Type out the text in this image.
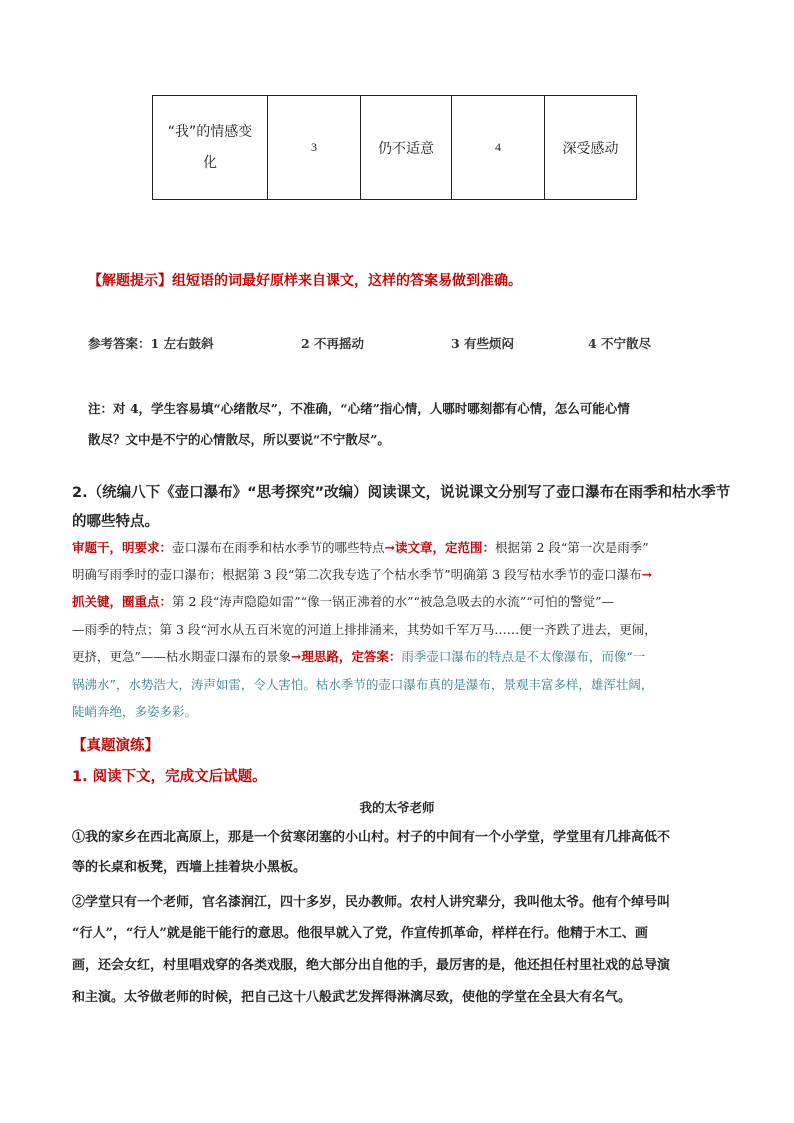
“我”的情感变
化
	3	仍不适意	4	深受感动
【解题提示】组短语的词最好原样来自课文，这样的答案易做到准确。
参考答案：1 左右鼓斜	2 不再摇动	3 有些烦闷	4 不宁散尽
注：对 4，学生容易填“心绪散尽”，不准确，“心绪”指心情，人哪时哪刻都有心情，怎么可能心情
散尽？文中是不宁的心情散尽，所以要说“不宁散尽”。
2.（统编八下《壶口瀑布》“思考探究”改编）阅读课文，说说课文分别写了壶口瀑布在雨季和枯水季节
的哪些特点。
审题干，明要求：壶口瀑布在雨季和枯水季节的哪些特点→读文章，定范围：根据第 2 段“第一次是雨季”
明确写雨季时的壶口瀑布；根据第 3 段“第二次我专选了个枯水季节”明确第 3 段写枯水季节的壶口瀑布→
抓关键，圈重点：第 2 段“涛声隐隐如雷”“像一锅正沸着的水”“被急急吸去的水流”“可怕的警觉”—
—雨季的特点；第 3 段“河水从五百米宽的河道上排排涌来，其势如千军万马……便一齐跌了进去，更闹，
更挤，更急”——枯水期壶口瀑布的景象→理思路，定答案：雨季壶口瀑布的特点是不太像瀑布，而像“一
锅沸水”，水势浩大，涛声如雷，令人害怕。枯水季节的壶口瀑布真的是瀑布，景观丰富多样，雄浑壮阔，
陡峭奔绝，多姿多彩。
【真题演练】
1. 阅读下文，完成文后试题。
我的太爷老师
①我的家乡在西北高原上，那是一个贫寒闭塞的小山村。村子的中间有一个小学堂，学堂里有几排高低不
等的长桌和板凳，西墙上挂着块小黑板。
②学堂只有一个老师，官名漆润江，四十多岁，民办教师。农村人讲究辈分，我叫他太爷。他有个绰号叫
“行人”，“行人”就是能干能行的意思。他很早就入了党，作宣传抓革命，样样在行。他精于木工、画
画，还会女红，村里唱戏穿的各类戏服，绝大部分出自他的手，最厉害的是，他还担任村里社戏的总导演
和主演。太爷做老师的时候，把自己这十八般武艺发挥得淋漓尽致，使他的学堂在全县大有名气。
